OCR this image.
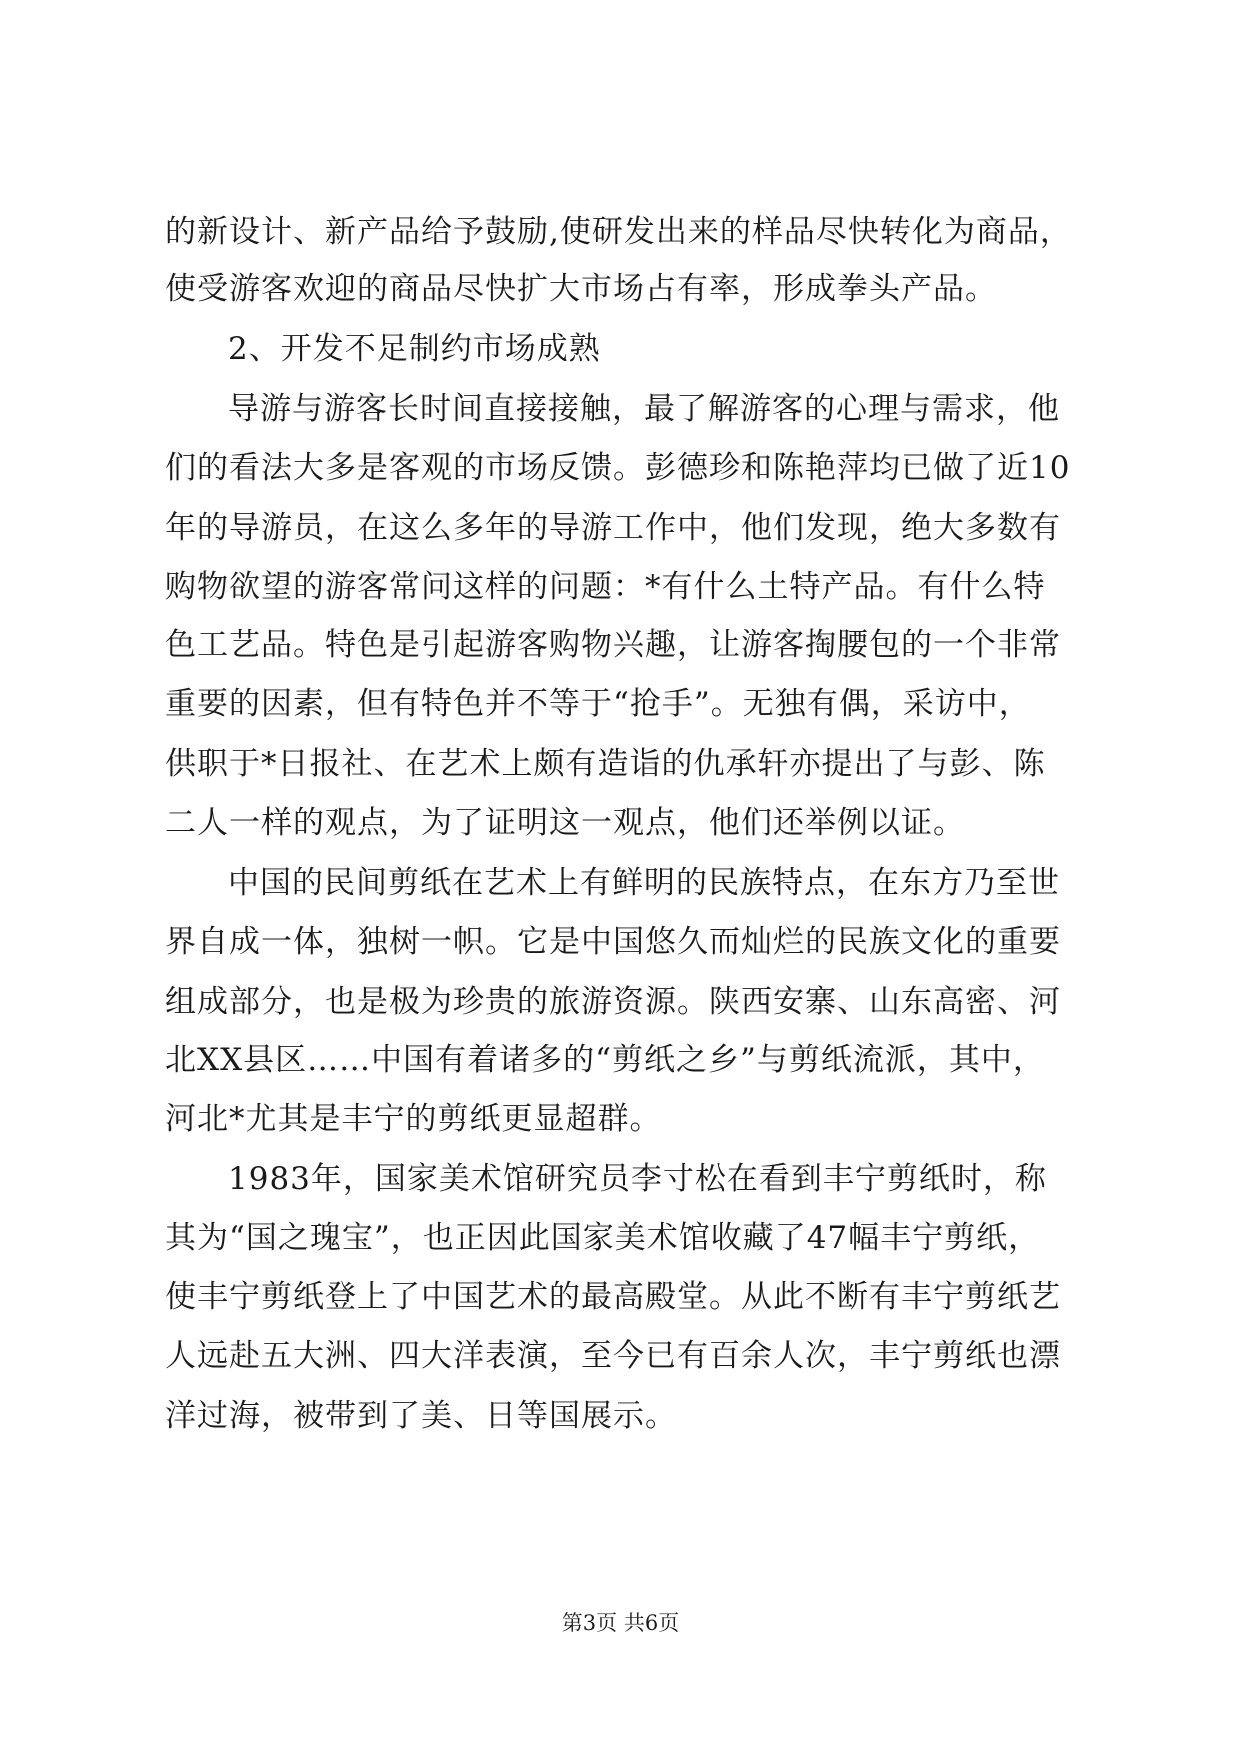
的新设计、新产品给予鼓励,使研发出来的样品尽快转化为商品，
使受游客欢迎的商品尽快扩大市场占有率，形成拳头产品。
2、开发不足制约市场成熟
导游与游客长时间直接接触，最了解游客的心理与需求，他
们的看法大多是客观的市场反馈。彭德珍和陈艳萍均已做了近10
年的导游员，在这么多年的导游工作中，他们发现，绝大多数有
购物欲望的游客常问这样的问题：*有什么土特产品。有什么特
色工艺品。特色是引起游客购物兴趣，让游客掏腰包的一个非常
重要的因素，但有特色并不等于“抢手”。无独有偶，采访中，
供职于*日报社、在艺术上颇有造诣的仇承轩亦提出了与彭、陈
二人一样的观点，为了证明这一观点，他们还举例以证。
中国的民间剪纸在艺术上有鲜明的民族特点，在东方乃至世
界自成一体，独树一帜。它是中国悠久而灿烂的民族文化的重要
组成部分，也是极为珍贵的旅游资源。陕西安寨、山东高密、河
北XX县区……中国有着诸多的“剪纸之乡”与剪纸流派，其中，
河北*尤其是丰宁的剪纸更显超群。
1983年，国家美术馆研究员李寸松在看到丰宁剪纸时，称
其为“国之瑰宝”，也正因此国家美术馆收藏了47幅丰宁剪纸，
使丰宁剪纸登上了中国艺术的最高殿堂。从此不断有丰宁剪纸艺
人远赴五大洲、四大洋表演，至今已有百余人次，丰宁剪纸也漂
洋过海，被带到了美、日等国展示。
第3页 共6页
